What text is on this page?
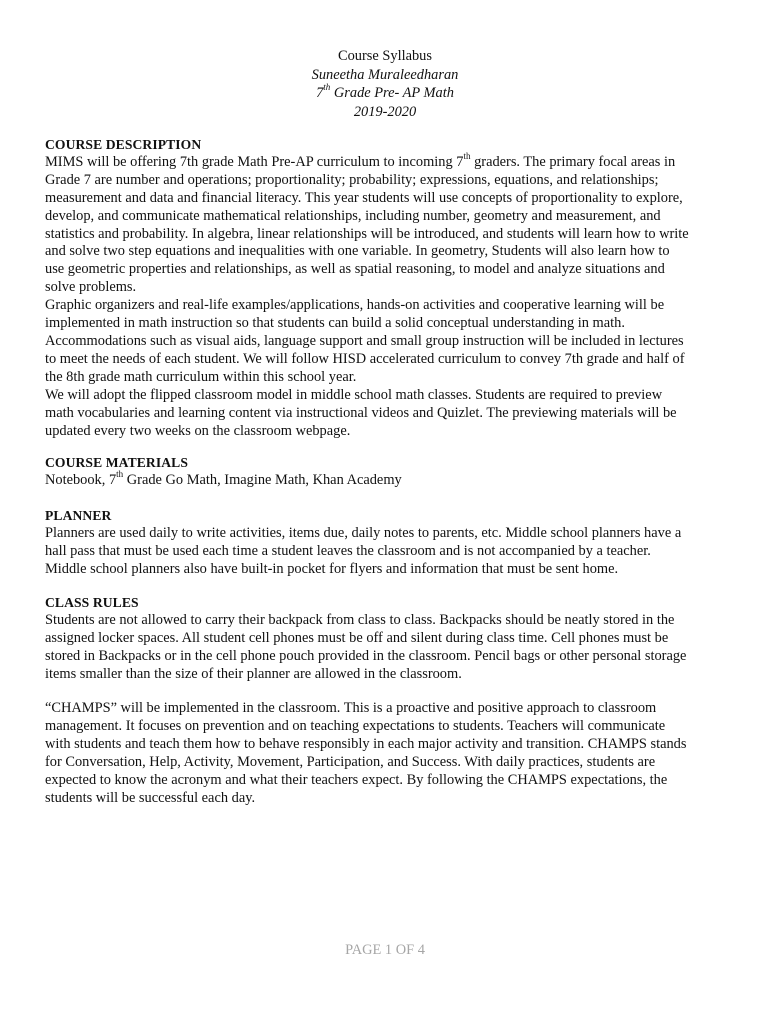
Course Syllabus
Suneetha Muraleedharan
7th Grade Pre- AP Math
2019-2020
COURSE DESCRIPTION
MIMS will be offering 7th grade Math Pre-AP curriculum to incoming 7th graders. The primary focal areas in
Grade 7 are number and operations; proportionality; probability; expressions, equations, and relationships;
measurement and data and financial literacy. This year students will use concepts of proportionality to explore,
develop, and communicate mathematical relationships, including number, geometry and measurement, and
statistics and probability. In algebra, linear relationships will be introduced, and students will learn how to write
and solve two step equations and inequalities with one variable. In geometry, Students will also learn how to
use geometric properties and relationships, as well as spatial reasoning, to model and analyze situations and
solve problems.
Graphic organizers and real-life examples/applications, hands-on activities and cooperative learning will be
implemented in math instruction so that students can build a solid conceptual understanding in math.
Accommodations such as visual aids, language support and small group instruction will be included in lectures
to meet the needs of each student. We will follow HISD accelerated curriculum to convey 7th grade and half of
the 8th grade math curriculum within this school year.
We will adopt the flipped classroom model in middle school math classes. Students are required to preview
math vocabularies and learning content via instructional videos and Quizlet. The previewing materials will be
updated every two weeks on the classroom webpage.
COURSE MATERIALS
Notebook, 7th Grade Go Math, Imagine Math, Khan Academy
PLANNER
Planners are used daily to write activities, items due, daily notes to parents, etc. Middle school planners have a
hall pass that must be used each time a student leaves the classroom and is not accompanied by a teacher.
Middle school planners also have built-in pocket for flyers and information that must be sent home.
CLASS RULES
Students are not allowed to carry their backpack from class to class. Backpacks should be neatly stored in the
assigned locker spaces. All student cell phones must be off and silent during class time. Cell phones must be
stored in Backpacks or in the cell phone pouch provided in the classroom. Pencil bags or other personal storage
items smaller than the size of their planner are allowed in the classroom.
“CHAMPS” will be implemented in the classroom. This is a proactive and positive approach to classroom
management. It focuses on prevention and on teaching expectations to students. Teachers will communicate
with students and teach them how to behave responsibly in each major activity and transition. CHAMPS stands
for Conversation, Help, Activity, Movement, Participation, and Success. With daily practices, students are
expected to know the acronym and what their teachers expect. By following the CHAMPS expectations, the
students will be successful each day.
PAGE 1 OF 4
